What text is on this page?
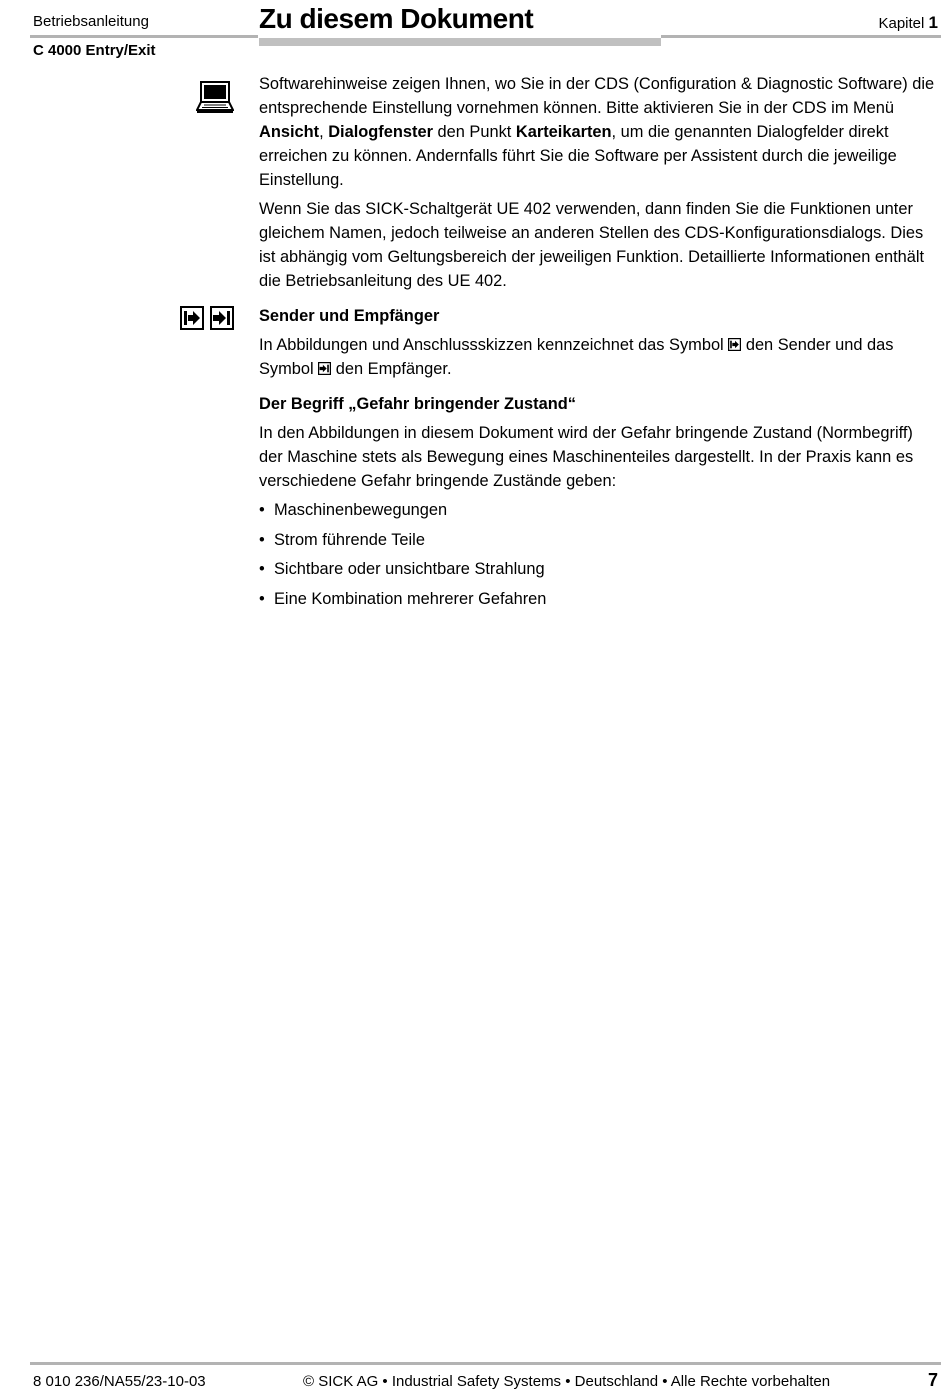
Betriebsanleitung
C 4000 Entry/Exit
Zu diesem Dokument	Kapitel 1
Softwarehinweise zeigen Ihnen, wo Sie in der CDS (Configuration & Diagnostic Software) die entsprechende Einstellung vornehmen können. Bitte aktivieren Sie in der CDS im Menü Ansicht, Dialogfenster den Punkt Karteikarten, um die genannten Dialogfelder direkt erreichen zu können. Andernfalls führt Sie die Software per Assistent durch die jeweilige Einstellung.
Wenn Sie das SICK-Schaltgerät UE 402 verwenden, dann finden Sie die Funktionen unter gleichem Namen, jedoch teilweise an anderen Stellen des CDS-Konfigurationsdialogs. Dies ist abhängig vom Geltungsbereich der jeweiligen Funktion. Detaillierte Informationen enthält die Betriebsanleitung des UE 402.
Sender und Empfänger
In Abbildungen und Anschlussskizzen kennzeichnet das Symbol den Sender und das Symbol den Empfänger.
Der Begriff „Gefahr bringender Zustand“
In den Abbildungen in diesem Dokument wird der Gefahr bringende Zustand (Normbegriff) der Maschine stets als Bewegung eines Maschinenteiles dargestellt. In der Praxis kann es verschiedene Gefahr bringende Zustände geben:
• Maschinenbewegungen
• Strom führende Teile
• Sichtbare oder unsichtbare Strahlung
• Eine Kombination mehrerer Gefahren
8 010 236/NA55/23-10-03	© SICK AG • Industrial Safety Systems • Deutschland • Alle Rechte vorbehalten	7
